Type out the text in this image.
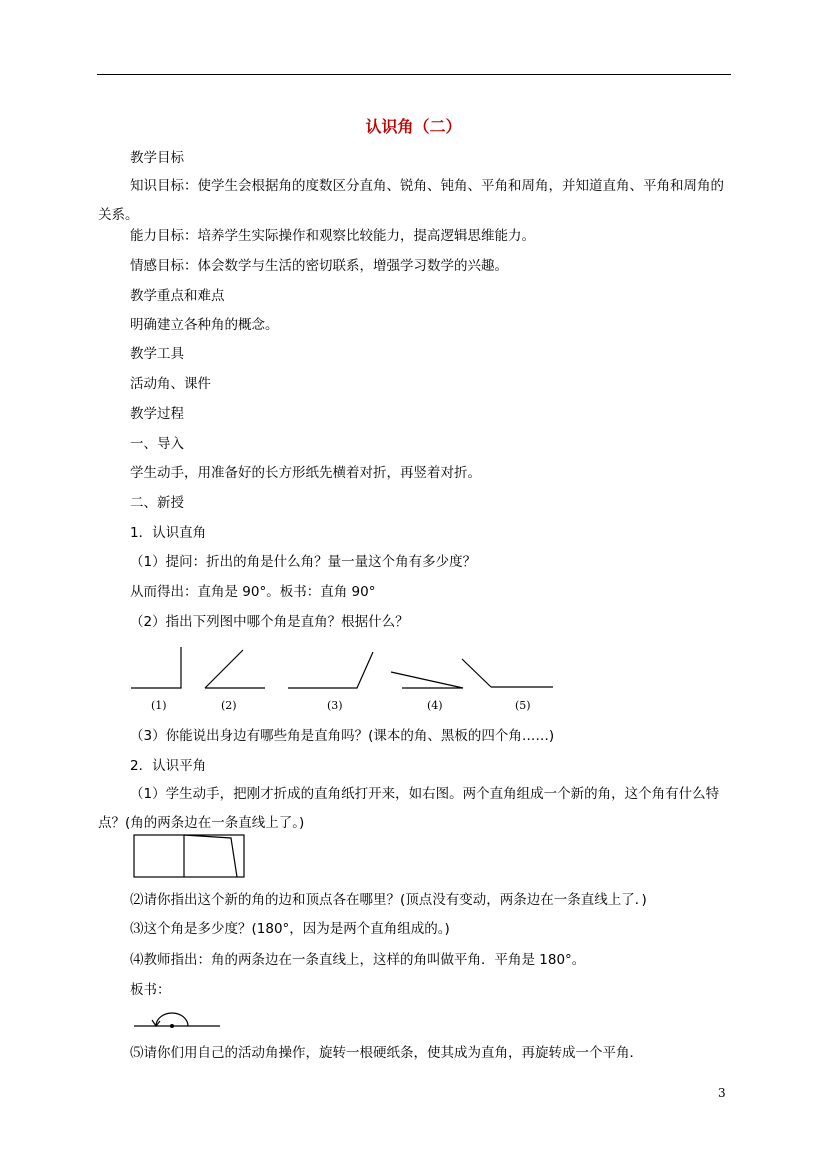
认识角（二）
教学目标
知识目标：使学生会根据角的度数区分直角、锐角、钝角、平角和周角，并知道直角、平角和周角的关系。
能力目标：培养学生实际操作和观察比较能力，提高逻辑思维能力。
情感目标：体会数学与生活的密切联系，增强学习数学的兴趣。
教学重点和难点
明确建立各种角的概念。
教学工具
活动角、课件
教学过程
一、导入
学生动手，用准备好的长方形纸先横着对折，再竖着对折。
二、新授
1．认识直角
（1）提问：折出的角是什么角？量一量这个角有多少度？
从而得出：直角是 90°。板书：直角 90°
（2）指出下列图中哪个角是直角？根据什么？
(1)	(2)	(3)	(4)	(5)
（3）你能说出身边有哪些角是直角吗？(课本的角、黑板的四个角……)
2．认识平角
（1）学生动手，把刚才折成的直角纸打开来，如右图。两个直角组成一个新的角，这个角有什么特点？(角的两条边在一条直线上了。)
⑵请你指出这个新的角的边和顶点各在哪里？(顶点没有变动，两条边在一条直线上了．)
⑶这个角是多少度？(180°，因为是两个直角组成的。)
⑷教师指出：角的两条边在一条直线上，这样的角叫做平角．平角是 180°。
板书：
⑸请你们用自己的活动角操作，旋转一根硬纸条，使其成为直角，再旋转成一个平角．
3
